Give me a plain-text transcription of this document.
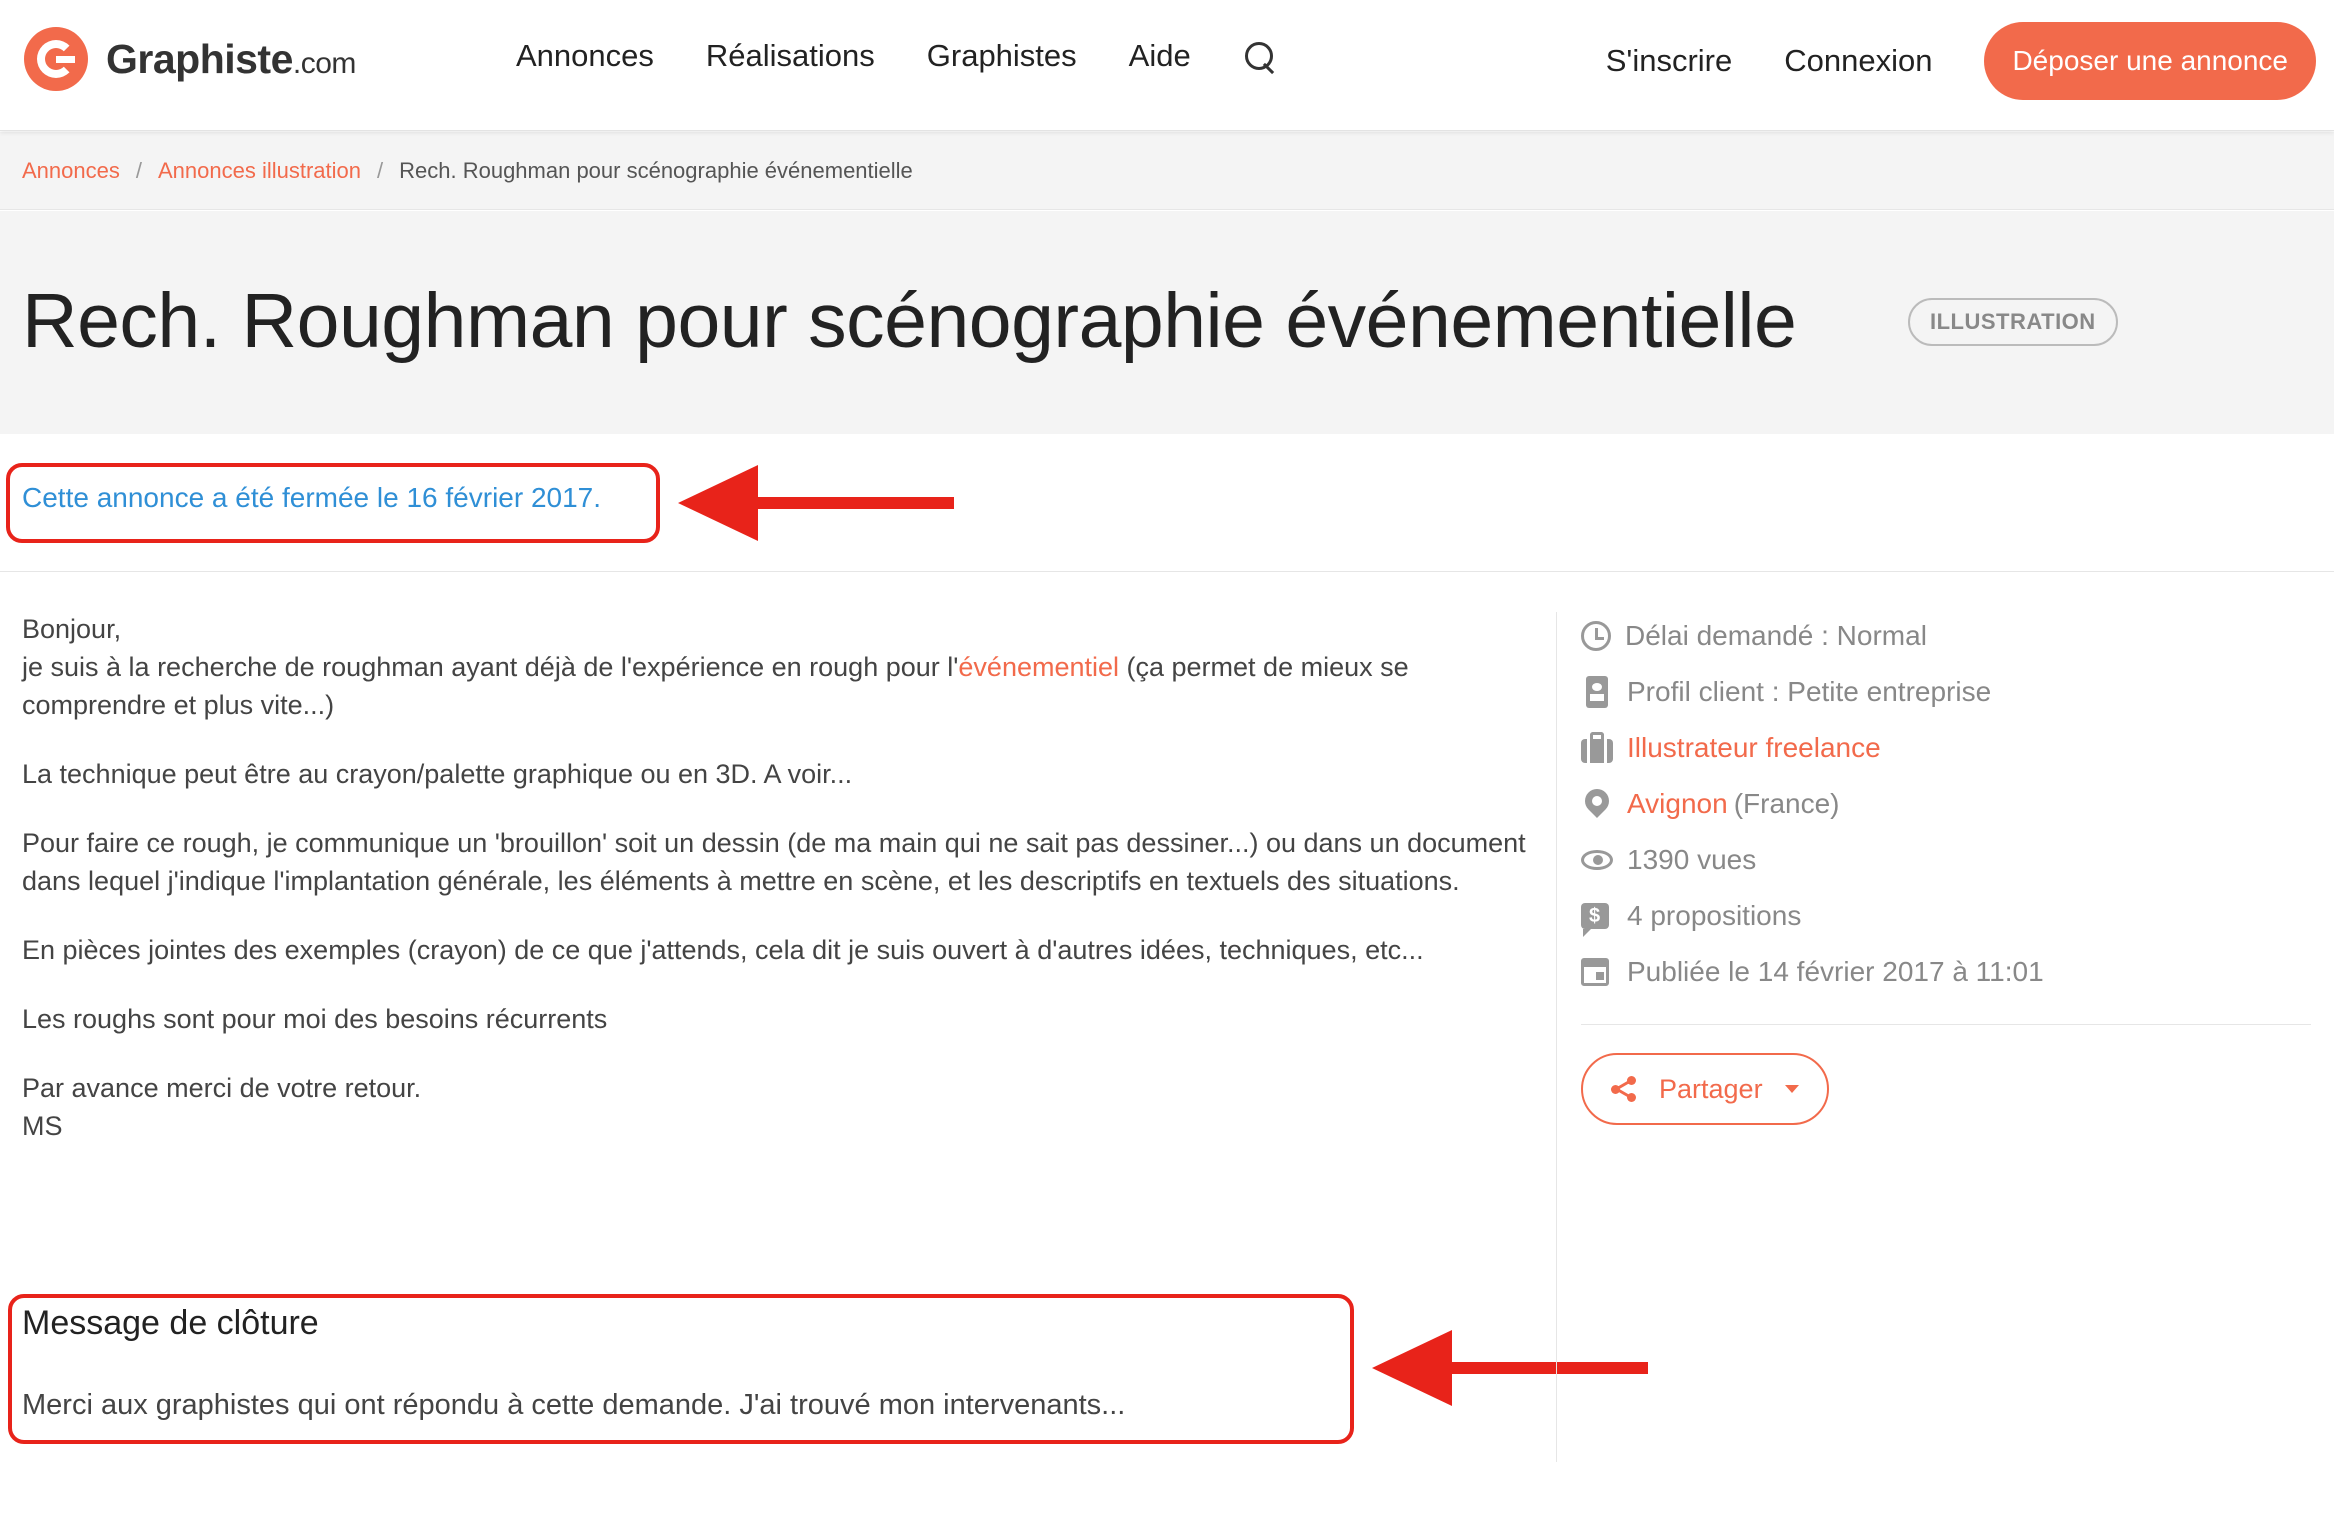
Graphiste.com	Annonces Réalisations Graphistes Aide	S'inscrire Connexion	Déposer une annonce
Annonces / Annonces illustration / Rech. Roughman pour scénographie événementielle
Rech. Roughman pour scénographie événementielle	ILLUSTRATION
Cette annonce a été fermée le 16 février 2017.

Bonjour,
je suis à la recherche de roughman ayant déjà de l'expérience en rough pour l'événementiel (ça permet de mieux se comprendre et plus vite...)

La technique peut être au crayon/palette graphique ou en 3D. A voir...

Pour faire ce rough, je communique un 'brouillon' soit un dessin (de ma main qui ne sait pas dessiner...) ou dans un document dans lequel j'indique l'implantation générale, les éléments à mettre en scène, et les descriptifs en textuels des situations.

En pièces jointes des exemples (crayon) de ce que j'attends, cela dit je suis ouvert à d'autres idées, techniques, etc...

Les roughs sont pour moi des besoins récurrents

Par avance merci de votre retour.
MS

Message de clôture
Merci aux graphistes qui ont répondu à cette demande. J'ai trouvé mon intervenants...
Délai demandé : Normal
Profil client : Petite entreprise
Illustrateur freelance
Avignon (France)
1390 vues
$
4 propositions
Publiée le 14 février 2017 à 11:01
Partager
